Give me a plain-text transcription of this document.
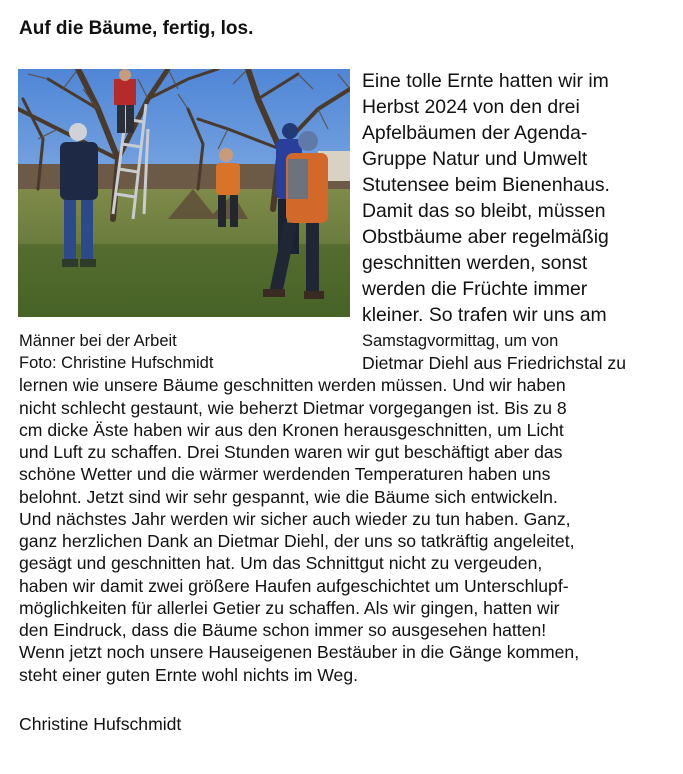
Auf die Bäume, fertig, los.
Eine tolle Ernte hatten wir im
Herbst 2024 von den drei
Apfelbäumen der Agenda-
Gruppe Natur und Umwelt
Stutensee beim Bienenhaus.
Damit das so bleibt, müssen
Obstbäume aber regelmäßig
geschnitten werden, sonst
werden die Früchte immer
kleiner. So trafen wir uns am
Männer bei der Arbeit
Foto: Christine Hufschmidt
Samstagvormittag, um von
Dietmar Diehl aus Friedrichstal zu
lernen wie unsere Bäume geschnitten werden müssen. Und wir haben
nicht schlecht gestaunt, wie beherzt Dietmar vorgegangen ist. Bis zu 8
cm dicke Äste haben wir aus den Kronen herausgeschnitten, um Licht
und Luft zu schaffen. Drei Stunden waren wir gut beschäftigt aber das
schöne Wetter und die wärmer werdenden Temperaturen haben uns
belohnt. Jetzt sind wir sehr gespannt, wie die Bäume sich entwickeln.
Und nächstes Jahr werden wir sicher auch wieder zu tun haben. Ganz,
ganz herzlichen Dank an Dietmar Diehl, der uns so tatkräftig angeleitet,
gesägt und geschnitten hat. Um das Schnittgut nicht zu vergeuden,
haben wir damit zwei größere Haufen aufgeschichtet um Unterschlupf-
möglichkeiten für allerlei Getier zu schaffen. Als wir gingen, hatten wir
den Eindruck, dass die Bäume schon immer so ausgesehen hatten!
Wenn jetzt noch unsere Hauseigenen Bestäuber in die Gänge kommen,
steht einer guten Ernte wohl nichts im Weg.
Christine Hufschmidt
